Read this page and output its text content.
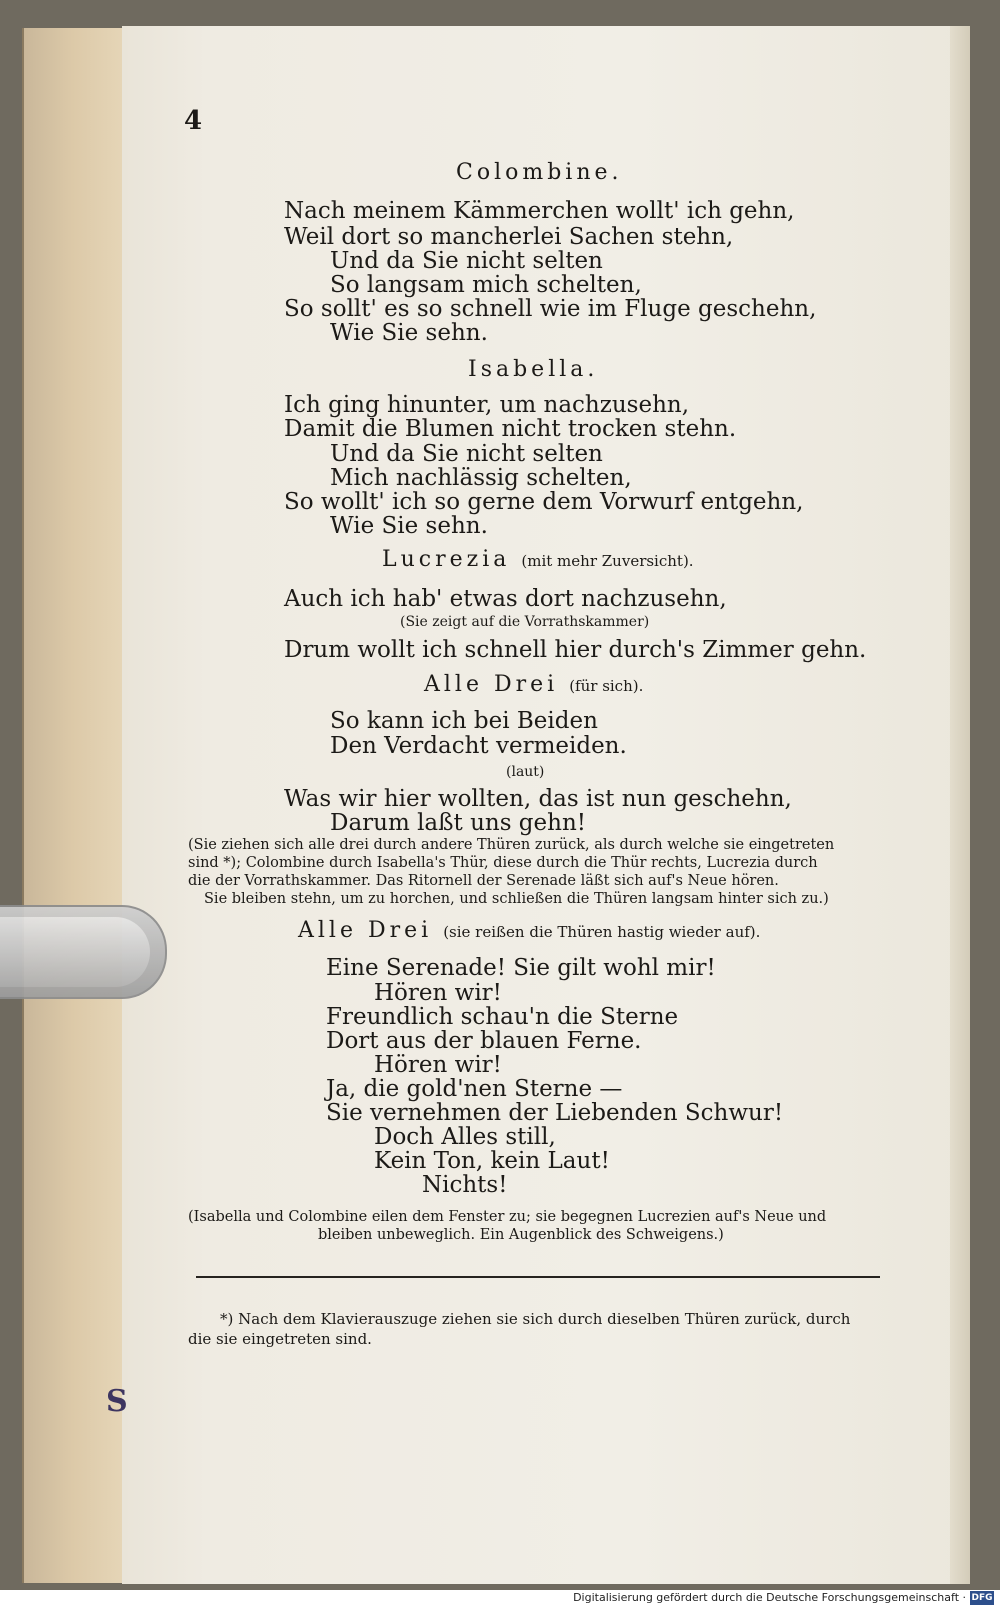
4
Colombine.
Nach meinem Kämmerchen wollt' ich gehn,
Weil dort so mancherlei Sachen stehn,
Und da Sie nicht selten
So langsam mich schelten,
So sollt' es so schnell wie im Fluge geschehn,
Wie Sie sehn.
Isabella.
Ich ging hinunter, um nachzusehn,
Damit die Blumen nicht trocken stehn.
Und da Sie nicht selten
Mich nachlässig schelten,
So wollt' ich so gerne dem Vorwurf entgehn,
Wie Sie sehn.
Lucrezia (mit mehr Zuversicht).
Auch ich hab' etwas dort nachzusehn,
(Sie zeigt auf die Vorrathskammer)
Drum wollt ich schnell hier durch's Zimmer gehn.
Alle Drei (für sich).
So kann ich bei Beiden
Den Verdacht vermeiden.
(laut)
Was wir hier wollten, das ist nun geschehn,
Darum laßt uns gehn!
(Sie ziehen sich alle drei durch andere Thüren zurück, als durch welche sie eingetreten
sind *); Colombine durch Isabella's Thür, diese durch die Thür rechts, Lucrezia durch
die der Vorrathskammer. Das Ritornell der Serenade läßt sich auf's Neue hören.
Sie bleiben stehn, um zu horchen, und schließen die Thüren langsam hinter sich zu.)
Alle Drei (sie reißen die Thüren hastig wieder auf).
Eine Serenade! Sie gilt wohl mir!
Hören wir!
Freundlich schau'n die Sterne
Dort aus der blauen Ferne.
Hören wir!
Ja, die gold'nen Sterne —
Sie vernehmen der Liebenden Schwur!
Doch Alles still,
Kein Ton, kein Laut!
Nichts!
(Isabella und Colombine eilen dem Fenster zu; sie begegnen Lucrezien auf's Neue und
bleiben unbeweglich. Ein Augenblick des Schweigens.)
*) Nach dem Klavierauszuge ziehen sie sich durch dieselben Thüren zurück, durch
die sie eingetreten sind.
S
Digitalisierung gefördert durch die Deutsche Forschungsgemeinschaft · DFG
